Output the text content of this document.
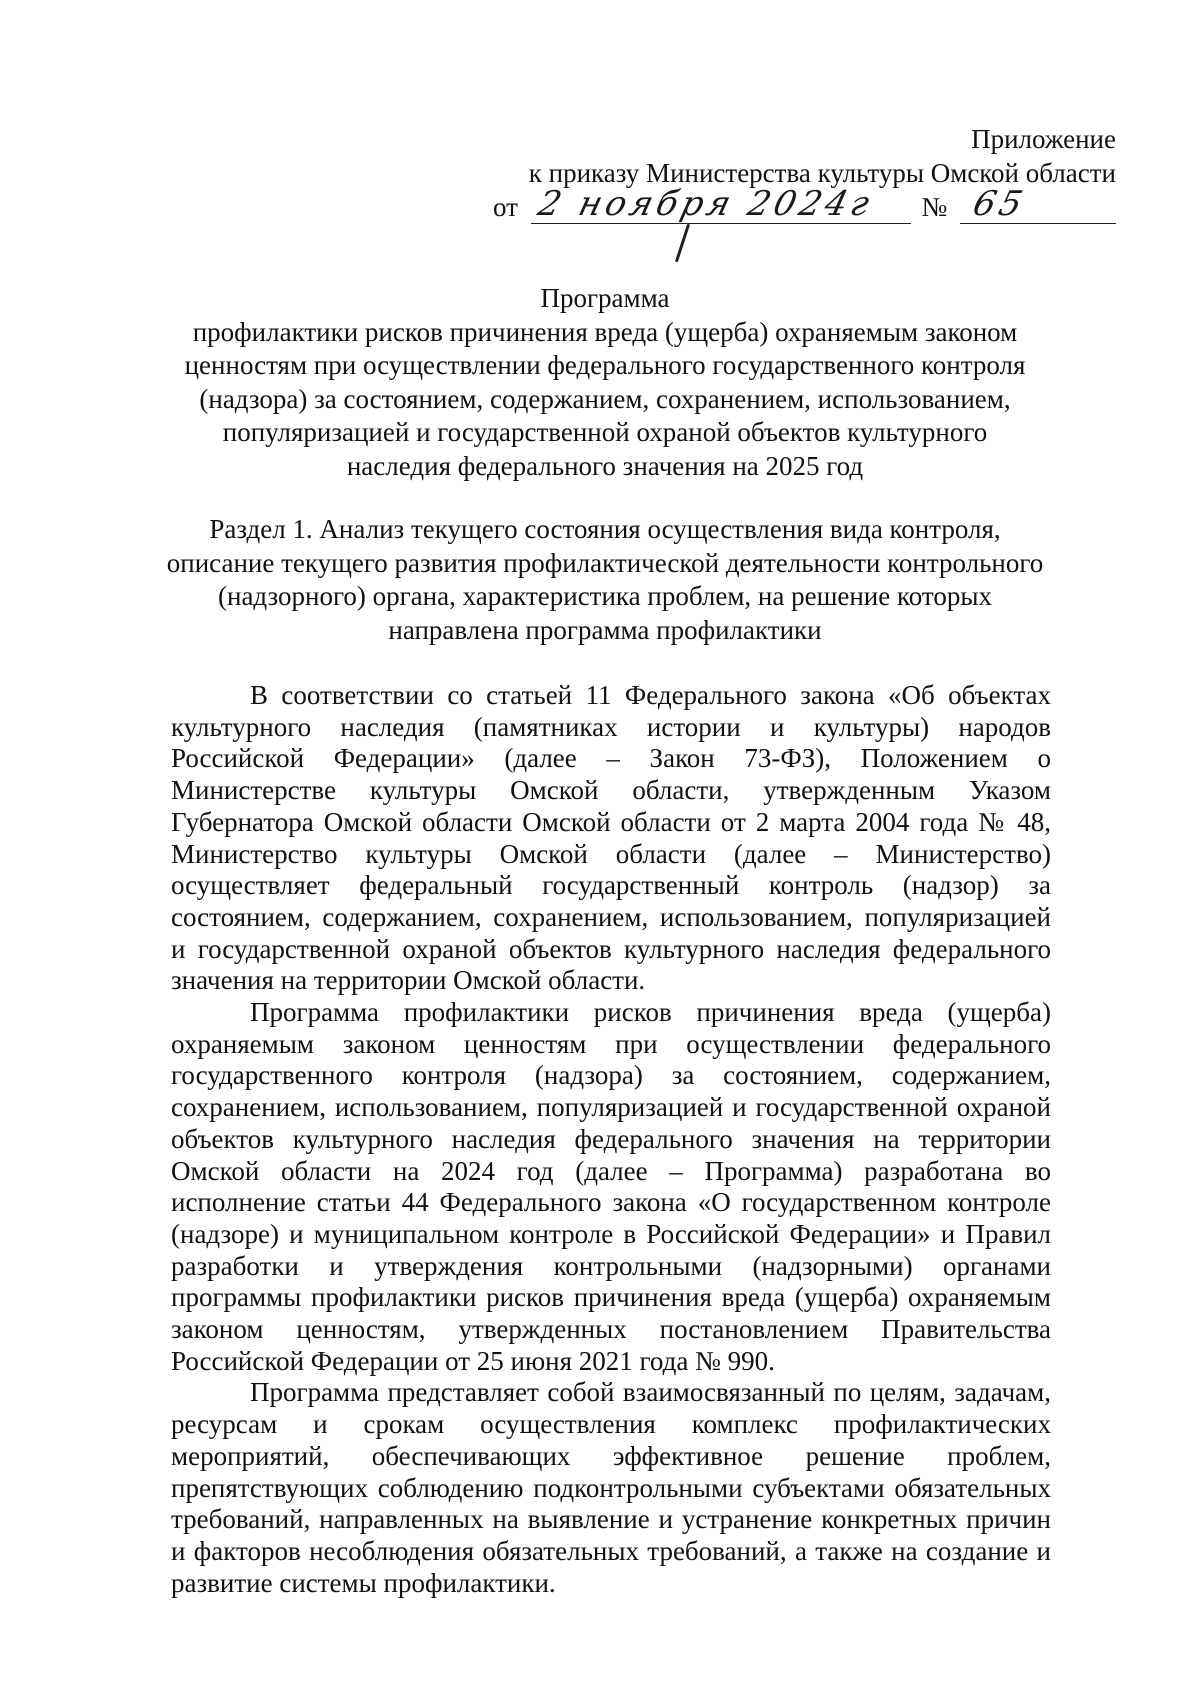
Приложение
к приказу Министерства культуры Омской области
от 2 ноября 2024г № 65
Программа
профилактики рисков причинения вреда (ущерба) охраняемым законом
ценностям при осуществлении федерального государственного контроля
(надзора) за состоянием, содержанием, сохранением, использованием,
популяризацией и государственной охраной объектов культурного
наследия федерального значения на 2025 год
Раздел 1. Анализ текущего состояния осуществления вида контроля,
описание текущего развития профилактической деятельности контрольного
(надзорного) органа, характеристика проблем, на решение которых
направлена программа профилактики

В соответствии со статьей 11 Федерального закона «Об объектах культурного наследия (памятниках истории и культуры) народов Российской Федерации» (далее – Закон 73-ФЗ), Положением о Министерстве культуры Омской области, утвержденным Указом Губернатора Омской области Омской области от 2 марта 2004 года № 48, Министерство культуры Омской области (далее – Министерство) осуществляет федеральный государственный контроль (надзор) за состоянием, содержанием, сохранением, использованием, популяризацией и государственной охраной объектов культурного наследия федерального значения на территории Омской области.

Программа профилактики рисков причинения вреда (ущерба) охраняемым законом ценностям при осуществлении федерального государственного контроля (надзора) за состоянием, содержанием, сохранением, использованием, популяризацией и государственной охраной объектов культурного наследия федерального значения на территории Омской области на 2024 год (далее – Программа) разработана во исполнение статьи 44 Федерального закона «О государственном контроле (надзоре) и муниципальном контроле в Российской Федерации» и Правил разработки и утверждения контрольными (надзорными) органами программы профилактики рисков причинения вреда (ущерба) охраняемым законом ценностям, утвержденных постановлением Правительства Российской Федерации от 25 июня 2021 года № 990.

Программа представляет собой взаимосвязанный по целям, задачам, ресурсам и срокам осуществления комплекс профилактических мероприятий, обеспечивающих эффективное решение проблем, препятствующих соблюдению подконтрольными субъектами обязательных требований, направленных на выявление и устранение конкретных причин и факторов несоблюдения обязательных требований, а также на создание и развитие системы профилактики.
